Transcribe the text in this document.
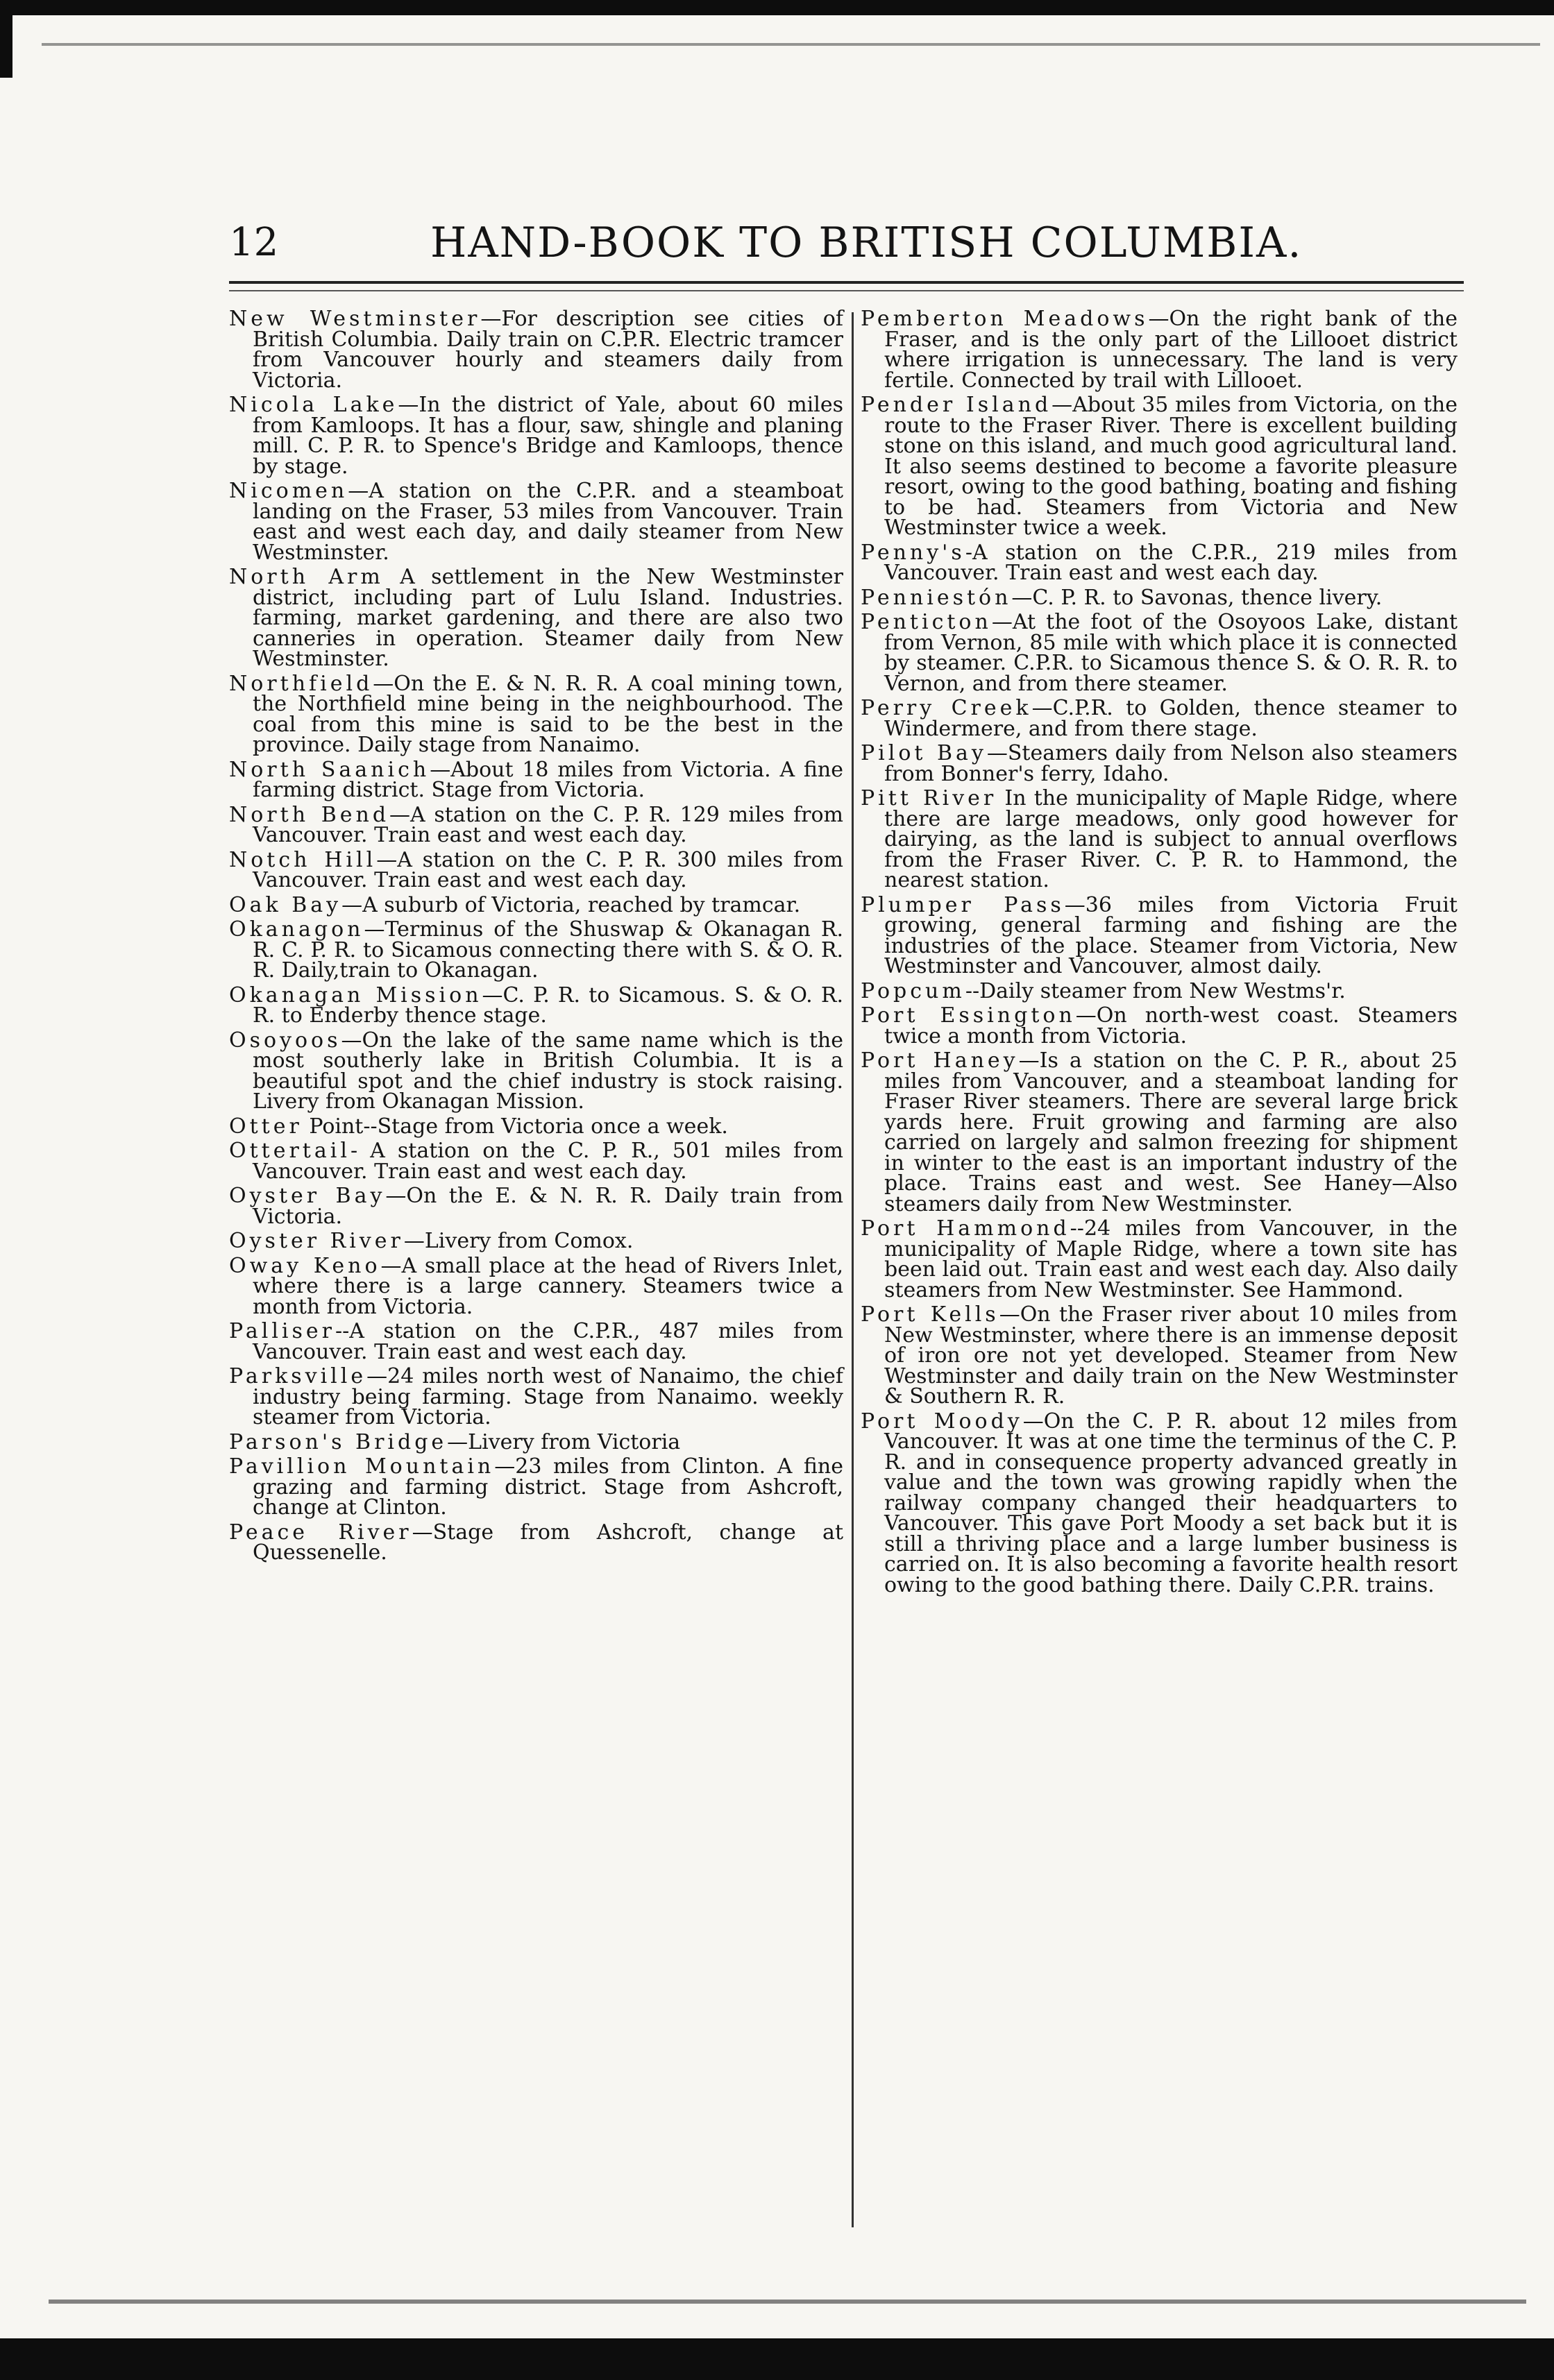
12	HAND-BOOK TO BRITISH COLUMBIA.

New Westminster—For description see cities of British Columbia. Daily train on C.P.R. Electric tramcer from Vancouver hourly and steamers daily from Victoria.

Nicola Lake—In the district of Yale, about 60 miles from Kamloops. It has a flour, saw, shingle and planing mill. C. P. R. to Spence's Bridge and Kamloops, thence by stage.

Nicomen—A station on the C.P.R. and a steamboat landing on the Fraser, 53 miles from Vancouver. Train east and west each day, and daily steamer from New Westminster.

North Arm A settlement in the New Westminster district, including part of Lulu Island. Industries. farming, market gardening, and there are also two canneries in operation. Steamer daily from New Westminster.

Northfield—On the E. & N. R. R. A coal mining town, the Northfield mine being in the neighbourhood. The coal from this mine is said to be the best in the province. Daily stage from Nanaimo.

North Saanich—About 18 miles from Victoria. A fine farming district. Stage from Victoria.

North Bend—A station on the C. P. R. 129 miles from Vancouver. Train east and west each day.

Notch Hill—A station on the C. P. R. 300 miles from Vancouver. Train east and west each day.

Oak Bay—A suburb of Victoria, reached by tramcar.

Okanagon—Terminus of the Shuswap & Okanagan R. R. C. P. R. to Sicamous connecting there with S. & O. R. R. Daily,train to Okanagan.

Okanagan Mission—C. P. R. to Sicamous. S. & O. R. R. to Enderby thence stage.

Osoyoos—On the lake of the same name which is the most southerly lake in British Columbia. It is a beautiful spot and the chief industry is stock raising. Livery from Okanagan Mission.

Otter Point--Stage from Victoria once a week.

Ottertail- A station on the C. P. R., 501 miles from Vancouver. Train east and west each day.

Oyster Bay—On the E. & N. R. R. Daily train from Victoria.

Oyster River—Livery from Comox.

Oway Keno—A small place at the head of Rivers Inlet, where there is a large cannery. Steamers twice a month from Victoria.

Palliser--A station on the C.P.R., 487 miles from Vancouver. Train east and west each day.

Parksville—24 miles north west of Nanaimo, the chief industry being farming. Stage from Nanaimo. weekly steamer from Victoria.

Parson's Bridge—Livery from Victoria

Pavillion Mountain—23 miles from Clinton. A fine grazing and farming district. Stage from Ashcroft, change at Clinton.

Peace River—Stage from Ashcroft, change at Quessenelle.

Pemberton Meadows—On the right bank of the Fraser, and is the only part of the Lillooet district where irrigation is unnecessary. The land is very fertile. Connected by trail with Lillooet.

Pender Island—About 35 miles from Victoria, on the route to the Fraser River. There is excellent building stone on this island, and much good agricultural land. It also seems destined to become a favorite pleasure resort, owing to the good bathing, boating and fishing to be had. Steamers from Victoria and New Westminster twice a week.

Penny's-A station on the C.P.R., 219 miles from Vancouver. Train east and west each day.

Penniestón—C. P. R. to Savonas, thence livery.

Penticton—At the foot of the Osoyoos Lake, distant from Vernon, 85 mile with which place it is connected by steamer. C.P.R. to Sicamous thence S. & O. R. R. to Vernon, and from there steamer.

Perry Creek—C.P.R. to Golden, thence steamer to Windermere, and from there stage.

Pilot Bay—Steamers daily from Nelson also steamers from Bonner's ferry, Idaho.

Pitt River In the municipality of Maple Ridge, where there are large meadows, only good however for dairying, as the land is subject to annual overflows from the Fraser River. C. P. R. to Hammond, the nearest station.

Plumper Pass—36 miles from Victoria Fruit growing, general farming and fishing are the industries of the place. Steamer from Victoria, New Westminster and Vancouver, almost daily.

Popcum--Daily steamer from New Westms'r.

Port Essington—On north-west coast. Steamers twice a month from Victoria.

Port Haney—Is a station on the C. P. R., about 25 miles from Vancouver, and a steamboat landing for Fraser River steamers. There are several large brick yards here. Fruit growing and farming are also carried on largely and salmon freezing for shipment in winter to the east is an important industry of the place. Trains east and west. See Haney—Also steamers daily from New Westminster.

Port Hammond--24 miles from Vancouver, in the municipality of Maple Ridge, where a town site has been laid out. Train east and west each day. Also daily steamers from New Westminster. See Hammond.

Port Kells—On the Fraser river about 10 miles from New Westminster, where there is an immense deposit of iron ore not yet developed. Steamer from New Westminster and daily train on the New Westminster & Southern R. R.

Port Moody—On the C. P. R. about 12 miles from Vancouver. It was at one time the terminus of the C. P. R. and in consequence property advanced greatly in value and the town was growing rapidly when the railway company changed their headquarters to Vancouver. This gave Port Moody a set back but it is still a thriving place and a large lumber business is carried on. It is also becoming a favorite health resort owing to the good bathing there. Daily C.P.R. trains.
